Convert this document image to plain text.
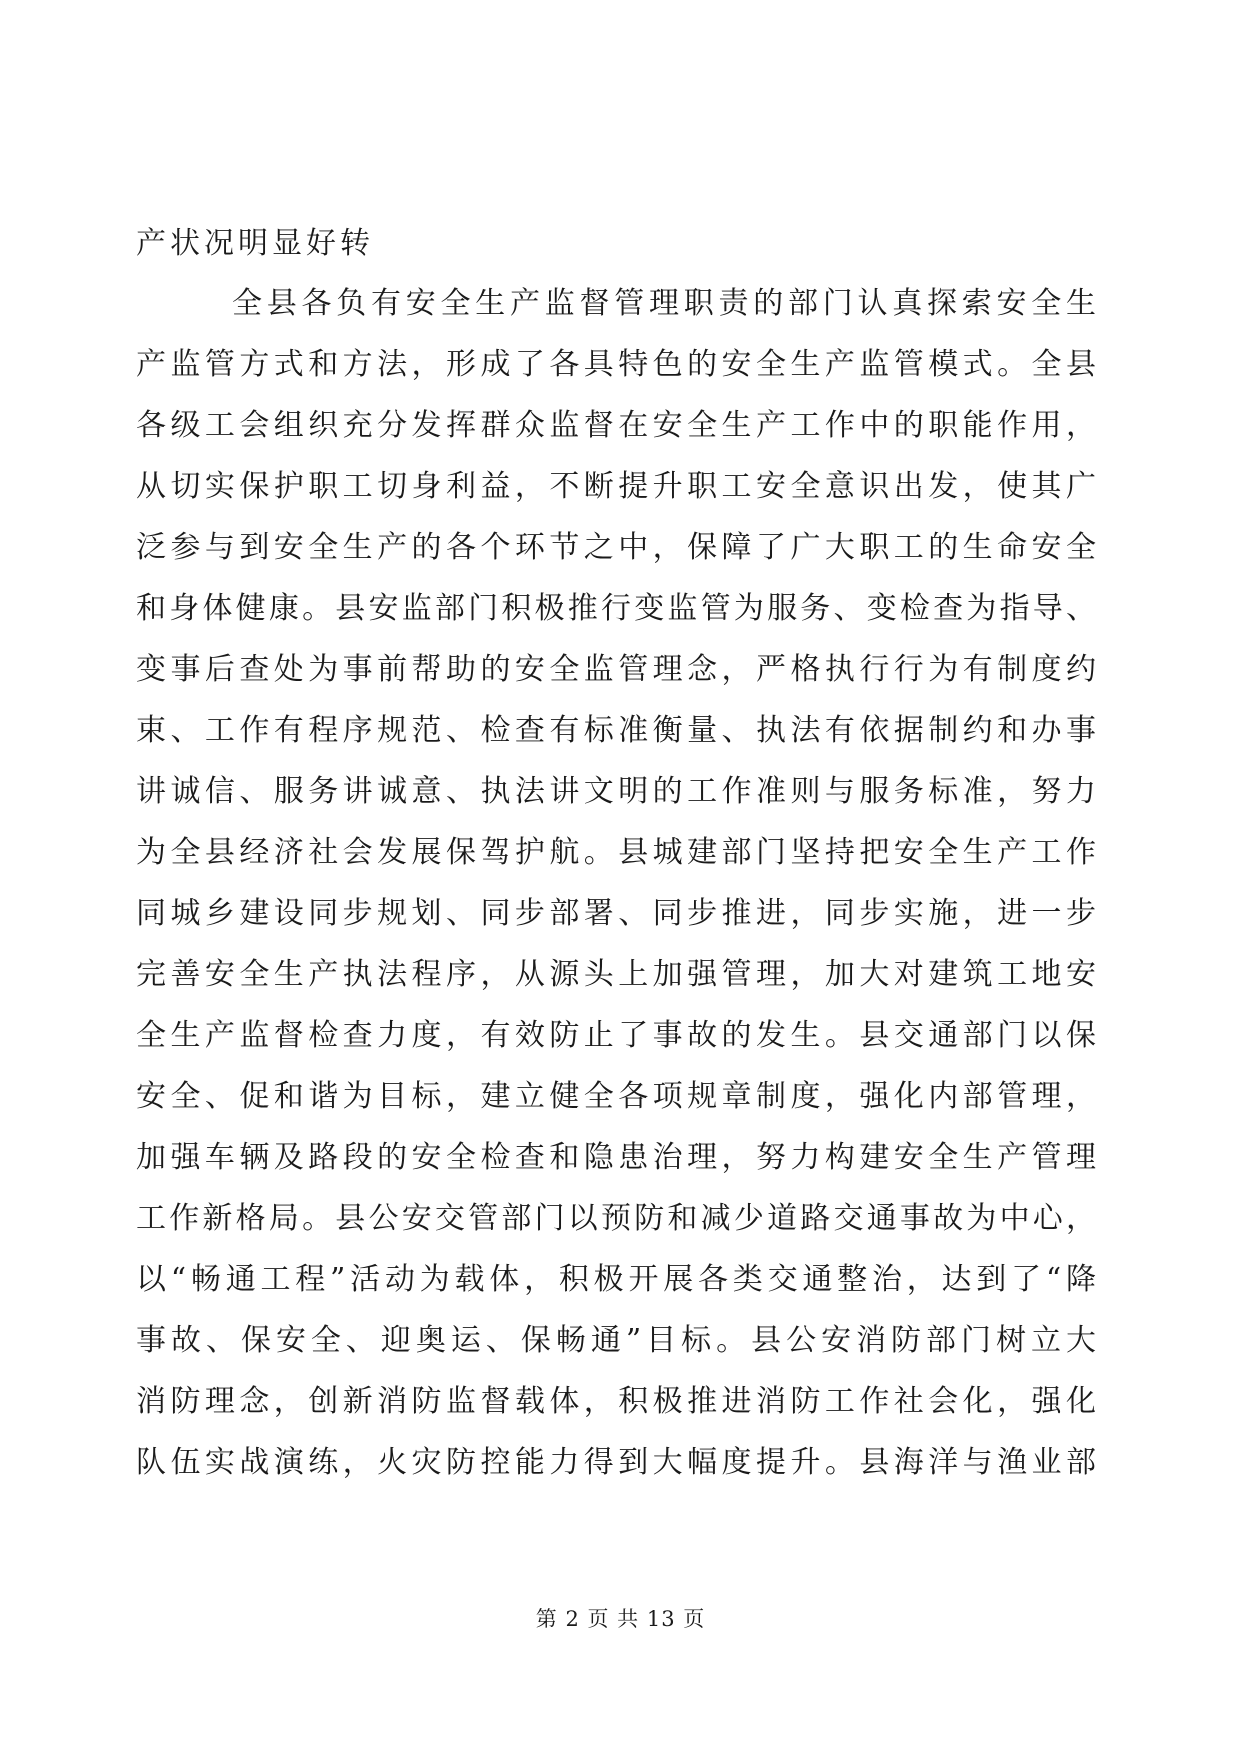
产状况明显好转
全县各负有安全生产监督管理职责的部门认真探索安全生
产监管方式和方法，形成了各具特色的安全生产监管模式。全县
各级工会组织充分发挥群众监督在安全生产工作中的职能作用，
从切实保护职工切身利益，不断提升职工安全意识出发，使其广
泛参与到安全生产的各个环节之中，保障了广大职工的生命安全
和身体健康。县安监部门积极推行变监管为服务、变检查为指导、
变事后查处为事前帮助的安全监管理念，严格执行行为有制度约
束、工作有程序规范、检查有标准衡量、执法有依据制约和办事
讲诚信、服务讲诚意、执法讲文明的工作准则与服务标准，努力
为全县经济社会发展保驾护航。县城建部门坚持把安全生产工作
同城乡建设同步规划、同步部署、同步推进，同步实施，进一步
完善安全生产执法程序，从源头上加强管理，加大对建筑工地安
全生产监督检查力度，有效防止了事故的发生。县交通部门以保
安全、促和谐为目标，建立健全各项规章制度，强化内部管理，
加强车辆及路段的安全检查和隐患治理，努力构建安全生产管理
工作新格局。县公安交管部门以预防和减少道路交通事故为中心，
以“畅通工程”活动为载体，积极开展各类交通整治，达到了“降
事故、保安全、迎奥运、保畅通”目标。县公安消防部门树立大
消防理念，创新消防监督载体，积极推进消防工作社会化，强化
队伍实战演练，火灾防控能力得到大幅度提升。县海洋与渔业部
第 2 页 共 13 页
